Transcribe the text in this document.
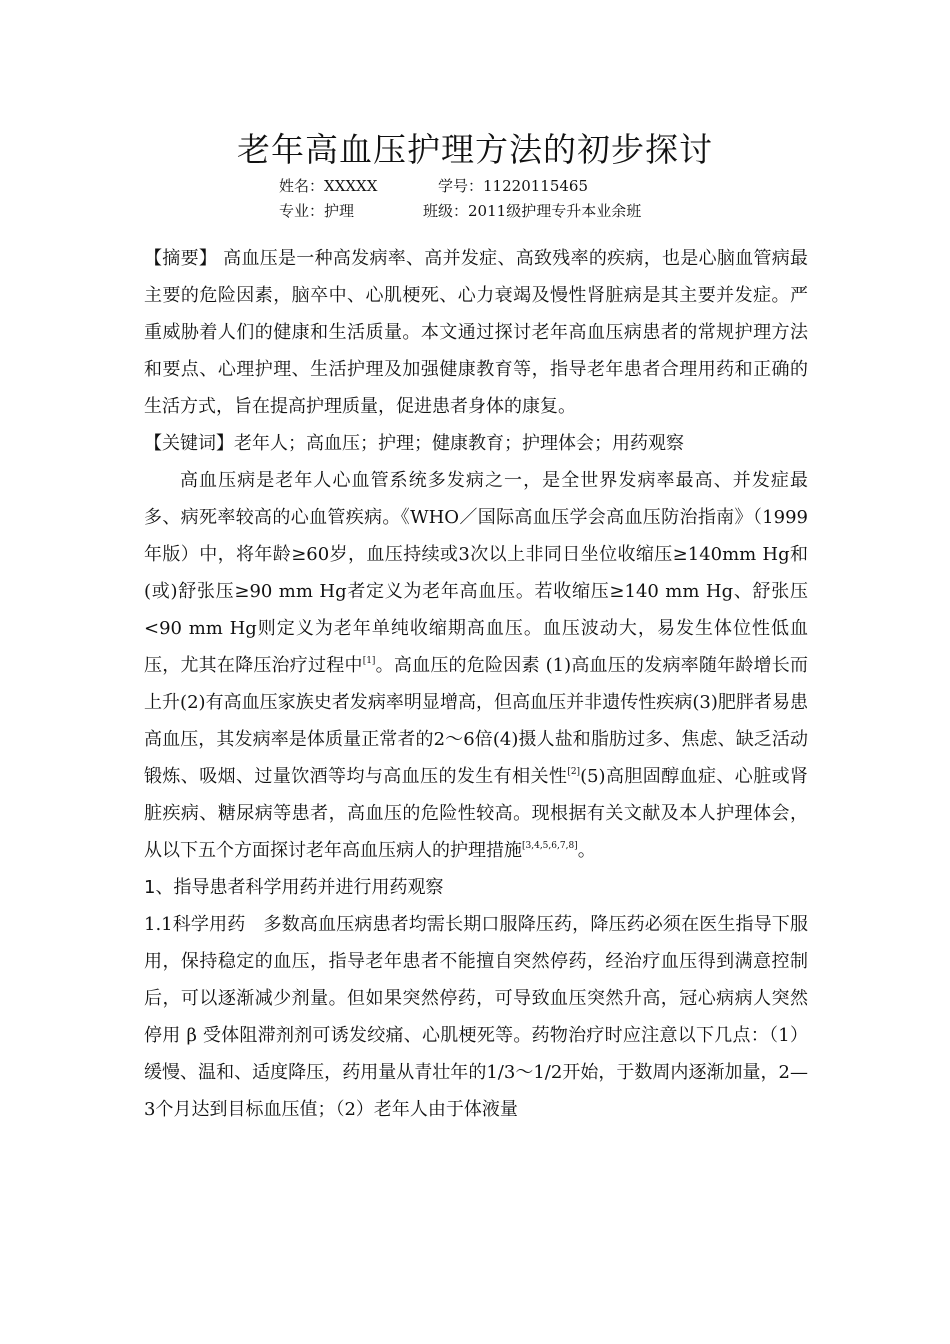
老年高血压护理方法的初步探讨
姓名：XXXXX	学号：11220115465
专业：护理	班级：2011级护理专升本业余班

【摘要】 高血压是一种高发病率、高并发症、高致残率的疾病，也是心脑血管病最主要的危险因素，脑卒中、心肌梗死、心力衰竭及慢性肾脏病是其主要并发症。严重威胁着人们的健康和生活质量。本文通过探讨老年高血压病患者的常规护理方法和要点、心理护理、生活护理及加强健康教育等，指导老年患者合理用药和正确的生活方式，旨在提高护理质量，促进患者身体的康复。

【关键词】老年人；高血压；护理；健康教育；护理体会；用药观察

高血压病是老年人心血管系统多发病之一，是全世界发病率最高、并发症最多、病死率较高的心血管疾病。《WHO／国际高血压学会高血压防治指南》（1999年版）中，将年龄≥60岁，血压持续或3次以上非同日坐位收缩压≥140mm Hg和(或)舒张压≥90 mm Hg者定义为老年高血压。若收缩压≥140 mm Hg、舒张压<90 mm Hg则定义为老年单纯收缩期高血压。血压波动大，易发生体位性低血压，尤其在降压治疗过程中[1]。高血压的危险因素 (1)高血压的发病率随年龄增长而上升(2)有高血压家族史者发病率明显增高，但高血压并非遗传性疾病(3)肥胖者易患高血压，其发病率是体质量正常者的2～6倍(4)摄人盐和脂肪过多、焦虑、缺乏活动锻炼、吸烟、过量饮酒等均与高血压的发生有相关性[2](5)高胆固醇血症、心脏或肾脏疾病、糖尿病等患者，高血压的危险性较高。现根据有关文献及本人护理体会，从以下五个方面探讨老年高血压病人的护理措施[3,4,5,6,7,8]。

1、指导患者科学用药并进行用药观察

1.1科学用药　多数高血压病患者均需长期口服降压药，降压药必须在医生指导下服用，保持稳定的血压，指导老年患者不能擅自突然停药，经治疗血压得到满意控制后，可以逐渐减少剂量。但如果突然停药，可导致血压突然升高，冠心病病人突然停用 β 受体阻滞剂剂可诱发绞痛、心肌梗死等。药物治疗时应注意以下几点：（1）缓慢、温和、适度降压，药用量从青壮年的1/3～1/2开始，于数周内逐渐加量，2—3个月达到目标血压值；（2）老年人由于体液量
